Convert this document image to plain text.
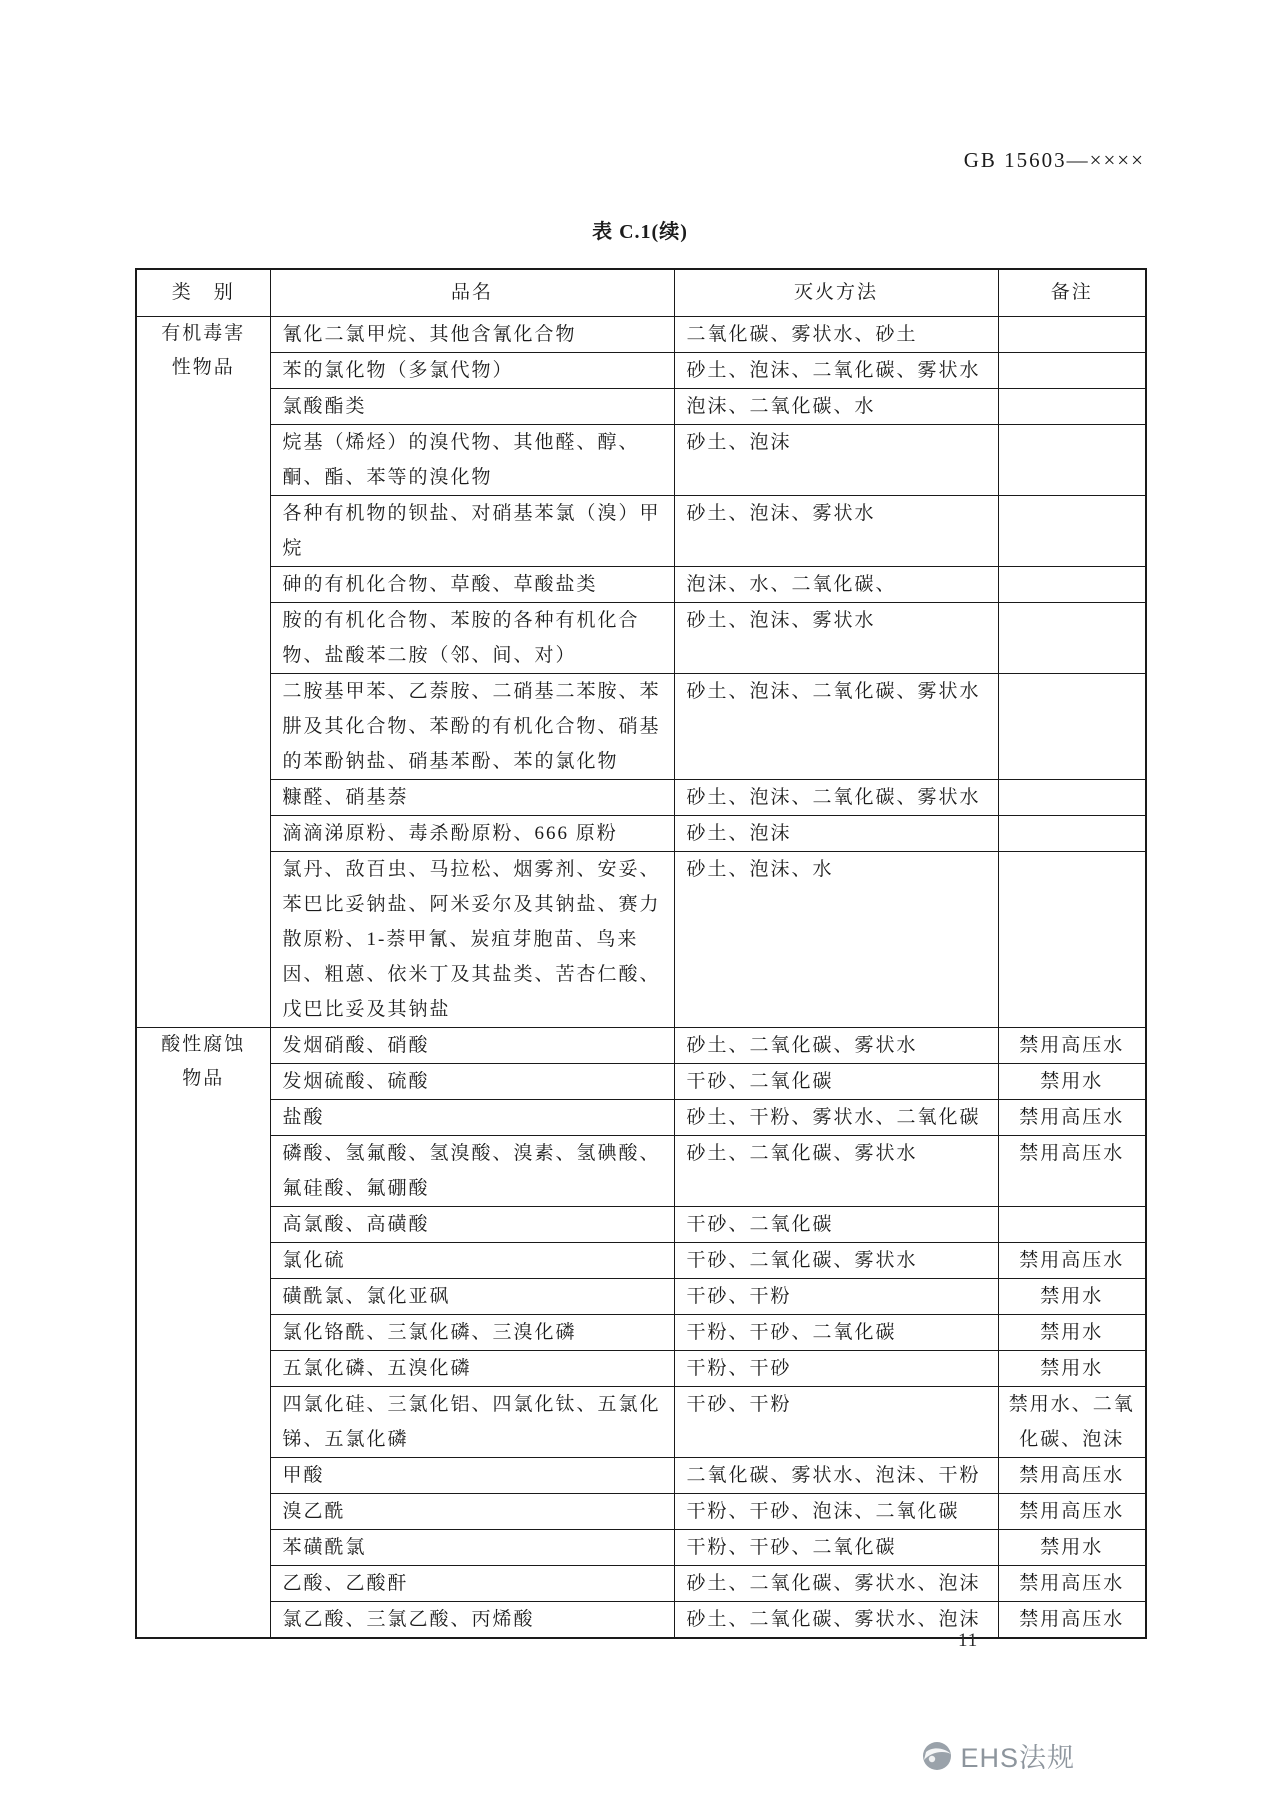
GB 15603—××××
表 C.1(续)
类　别	品名	灭火方法	备注

有机毒害
性物品	氰化二氯甲烷、其他含氰化合物	二氧化碳、雾状水、砂土	
	苯的氯化物（多氯代物）	砂土、泡沫、二氧化碳、雾状水	
	氯酸酯类	泡沫、二氧化碳、水	
	烷基（烯烃）的溴代物、其他醛、醇、酮、酯、苯等的溴化物	砂土、泡沫	
	各种有机物的钡盐、对硝基苯氯（溴）甲烷	砂土、泡沫、雾状水	
	砷的有机化合物、草酸、草酸盐类	泡沫、水、二氧化碳、	
	胺的有机化合物、苯胺的各种有机化合物、盐酸苯二胺（邻、间、对）	砂土、泡沫、雾状水	
	二胺基甲苯、乙萘胺、二硝基二苯胺、苯肼及其化合物、苯酚的有机化合物、硝基的苯酚钠盐、硝基苯酚、苯的氯化物	砂土、泡沫、二氧化碳、雾状水	
	糠醛、硝基萘	砂土、泡沫、二氧化碳、雾状水	
	滴滴涕原粉、毒杀酚原粉、666 原粉	砂土、泡沫	
	氯丹、敌百虫、马拉松、烟雾剂、安妥、苯巴比妥钠盐、阿米妥尔及其钠盐、赛力散原粉、1-萘甲氰、炭疽芽胞苗、鸟来因、粗蒽、依米丁及其盐类、苦杏仁酸、戊巴比妥及其钠盐	砂土、泡沫、水	

酸性腐蚀
物品	发烟硝酸、硝酸	砂土、二氧化碳、雾状水	禁用高压水
	发烟硫酸、硫酸	干砂、二氧化碳	禁用水
	盐酸	砂土、干粉、雾状水、二氧化碳	禁用高压水
	磷酸、氢氟酸、氢溴酸、溴素、氢碘酸、氟硅酸、氟硼酸	砂土、二氧化碳、雾状水	禁用高压水
	高氯酸、高磺酸	干砂、二氧化碳	
	氯化硫	干砂、二氧化碳、雾状水	禁用高压水
	磺酰氯、氯化亚砜	干砂、干粉	禁用水
	氯化铬酰、三氯化磷、三溴化磷	干粉、干砂、二氧化碳	禁用水
	五氯化磷、五溴化磷	干粉、干砂	禁用水
	四氯化硅、三氯化铝、四氯化钛、五氯化锑、五氯化磷	干砂、干粉	禁用水、二氧化碳、泡沫
	甲酸	二氧化碳、雾状水、泡沫、干粉	禁用高压水
	溴乙酰	干粉、干砂、泡沫、二氧化碳	禁用高压水
	苯磺酰氯	干粉、干砂、二氧化碳	禁用水
	乙酸、乙酸酐	砂土、二氧化碳、雾状水、泡沫	禁用高压水
	氯乙酸、三氯乙酸、丙烯酸	砂土、二氧化碳、雾状水、泡沫	禁用高压水
11
EHS法规
